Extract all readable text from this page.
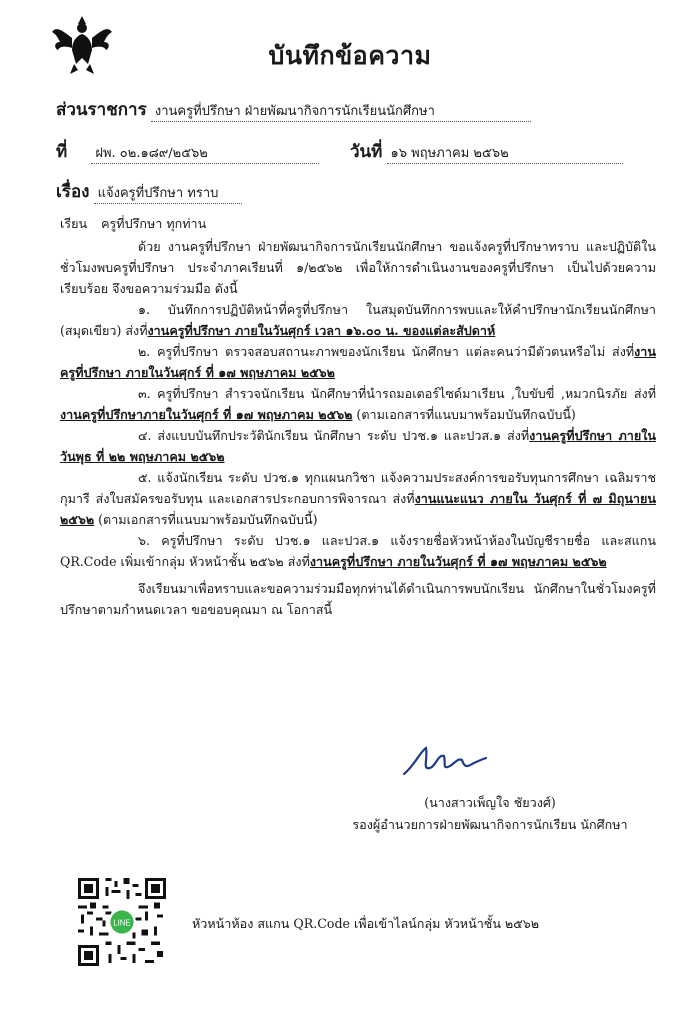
บันทึกข้อความ
ส่วนราชการ งานครูที่ปรึกษา ฝ่ายพัฒนากิจการนักเรียนนักศึกษา
ที่ ฝพ. ๐๒.๑๘๙/๒๕๖๒	วันที่ ๑๖ พฤษภาคม ๒๕๖๒
เรื่อง แจ้งครูที่ปรึกษา ทราบ
เรียน ครูที่ปรึกษา ทุกท่าน

ด้วย งานครูที่ปรึกษา ฝ่ายพัฒนากิจการนักเรียนนักศึกษา ขอแจ้งครูที่ปรึกษาทราบ และปฏิบัติในชั่วโมงพบครูที่ปรึกษา ประจำภาคเรียนที่ ๑/๒๕๖๒ เพื่อให้การดำเนินงานของครูที่ปรึกษา เป็นไปด้วยความเรียบร้อย จึงขอความร่วมมือ ดังนี้

๑. บันทึกการปฏิบัติหน้าที่ครูที่ปรึกษา ในสมุดบันทึกการพบและให้คำปรึกษานักเรียนนักศึกษา (สมุดเขียว) ส่งที่งานครูที่ปรึกษา ภายในวันศุกร์ เวลา ๑๖.๐๐ น. ของแต่ละสัปดาห์

๒. ครูที่ปรึกษา ตรวจสอบสถานะภาพของนักเรียน นักศึกษา แต่ละคนว่ามีตัวตนหรือไม่ ส่งที่งานครูที่ปรึกษา ภายในวันศุกร์ ที่ ๑๗ พฤษภาคม ๒๕๖๒

๓. ครูที่ปรึกษา สำรวจนักเรียน นักศึกษาที่นำรถมอเตอร์ไซด์มาเรียน ,ใบขับขี่ ,หมวกนิรภัย ส่งที่งานครูที่ปรึกษาภายในวันศุกร์ ที่ ๑๗ พฤษภาคม ๒๕๖๒ (ตามเอกสารที่แนบมาพร้อมบันทึกฉบับนี้)

๔. ส่งแบบบันทึกประวัตินักเรียน นักศึกษา ระดับ ปวช.๑ และปวส.๑ ส่งที่งานครูที่ปรึกษา ภายในวันพุธ ที่ ๒๒ พฤษภาคม ๒๕๖๒

๕. แจ้งนักเรียน ระดับ ปวช.๑ ทุกแผนกวิชา แจ้งความประสงค์การขอรับทุนการศึกษา เฉลิมราชกุมารี ส่งใบสมัครขอรับทุน และเอกสารประกอบการพิจารณา ส่งที่งานแนะแนว ภายใน วันศุกร์ ที่ ๗ มิถุนายน ๒๕๖๒ (ตามเอกสารที่แนบมาพร้อมบันทึกฉบับนี้)

๖. ครูที่ปรึกษา ระดับ ปวช.๑ และปวส.๑ แจ้งรายชื่อหัวหน้าห้องในบัญชีรายชื่อ และสแกน QR.Code เพิ่มเข้ากลุ่ม หัวหน้าชั้น ๒๕๖๒ ส่งที่งานครูที่ปรึกษา ภายในวันศุกร์ ที่ ๑๗ พฤษภาคม ๒๕๖๒

จึงเรียนมาเพื่อทราบและขอความร่วมมือทุกท่านได้ดำเนินการพบนักเรียน นักศึกษาในชั่วโมงครูที่ปรึกษาตามกำหนดเวลา ขอขอบคุณมา ณ โอกาสนี้

(นางสาวเพ็ญใจ ชัยวงศ์)
รองผู้อำนวยการฝ่ายพัฒนากิจการนักเรียน นักศึกษา
LINE	หัวหน้าห้อง สแกน QR.Code เพื่อเข้าไลน์กลุ่ม หัวหน้าชั้น ๒๕๖๒
